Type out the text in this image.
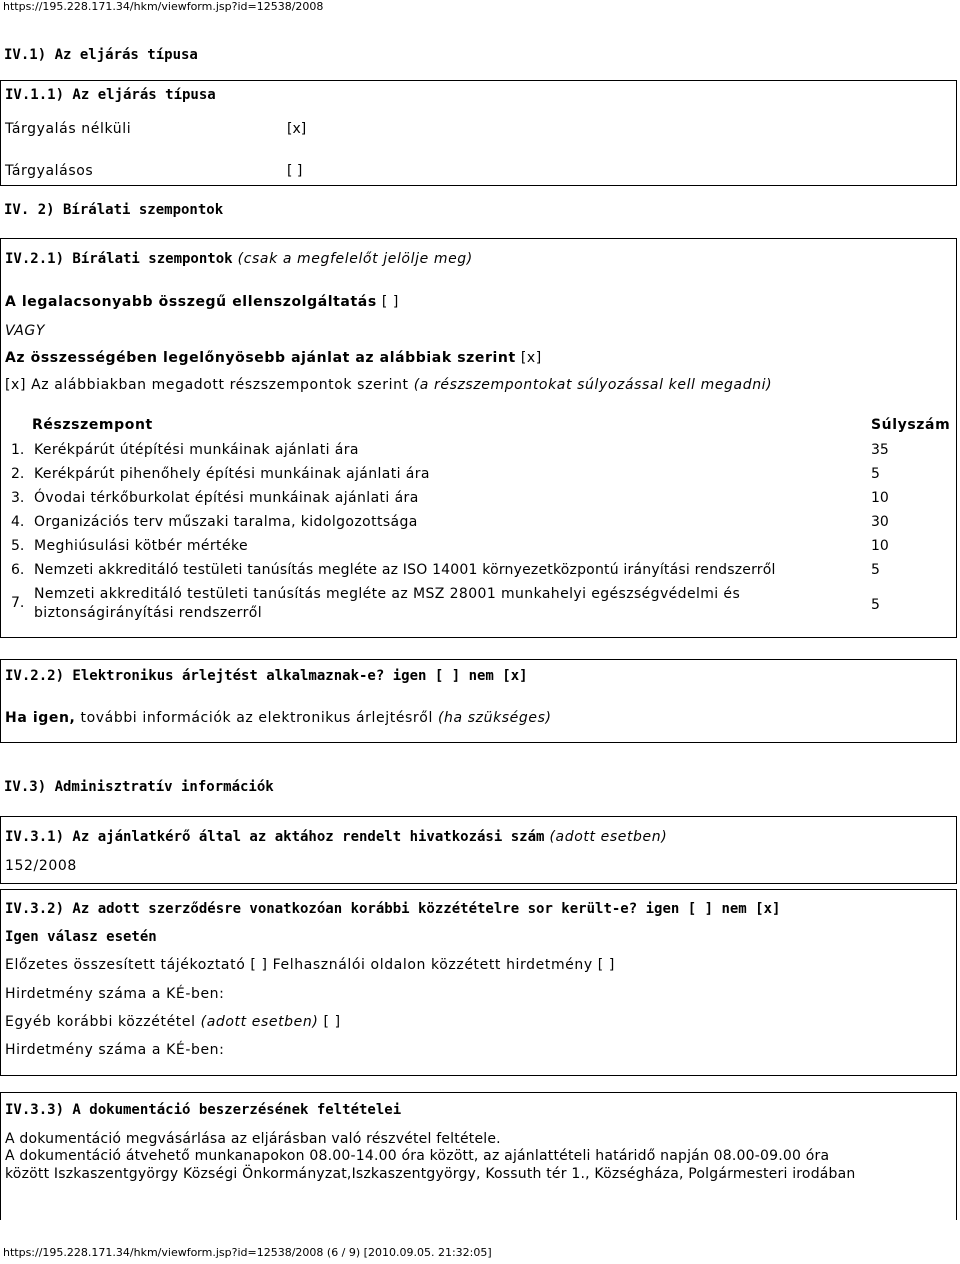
https://195.228.171.34/hkm/viewform.jsp?id=12538/2008
IV.1) Az eljárás típusa
IV.1.1) Az eljárás típusa
Tárgyalás nélküli	[x]
Tárgyalásos	[ ]
IV. 2) Bírálati szempontok
IV.2.1) Bírálati szempontok (csak a megfelelőt jelölje meg)
A legalacsonyabb összegű ellenszolgáltatás [ ]
VAGY
Az összességében legelőnyösebb ajánlat az alábbiak szerint [x]
[x] Az alábbiakban megadott részszempontok szerint (a részszempontokat súlyozással kell megadni)
Részszempont	Súlyszám
1. Kerékpárút útépítési munkáinak ajánlati ára	35
2. Kerékpárút pihenőhely építési munkáinak ajánlati ára	5
3. Óvodai térkőburkolat építési munkáinak ajánlati ára	10
4. Organizációs terv műszaki taralma, kidolgozottsága	30
5. Meghiúsulási kötbér mértéke	10
6. Nemzeti akkreditáló testületi tanúsítás megléte az ISO 14001 környezetközpontú irányítási rendszerről	5
7.
Nemzeti akkreditáló testületi tanúsítás megléte az MSZ 28001 munkahelyi egészségvédelmi és
biztonságirányítási rendszerről	5
IV.2.2) Elektronikus árlejtést alkalmaznak-e? igen [ ] nem [x]
Ha igen, további információk az elektronikus árlejtésről (ha szükséges)
IV.3) Adminisztratív információk
IV.3.1) Az ajánlatkérő által az aktához rendelt hivatkozási szám (adott esetben)
152/2008
IV.3.2) Az adott szerződésre vonatkozóan korábbi közzétételre sor került-e? igen [ ] nem [x]
Igen válasz esetén
Előzetes összesített tájékoztató [ ] Felhasználói oldalon közzétett hirdetmény [ ]
Hirdetmény száma a KÉ-ben:
Egyéb korábbi közzététel (adott esetben) [ ]
Hirdetmény száma a KÉ-ben:
IV.3.3) A dokumentáció beszerzésének feltételei
A dokumentáció megvásárlása az eljárásban való részvétel feltétele.
A dokumentáció átvehető munkanapokon 08.00-14.00 óra között, az ajánlattételi határidő napján 08.00-09.00 óra
között Iszkaszentgyörgy Községi Önkormányzat,Iszkaszentgyörgy, Kossuth tér 1., Községháza, Polgármesteri irodában
https://195.228.171.34/hkm/viewform.jsp?id=12538/2008 (6 / 9) [2010.09.05. 21:32:05]
